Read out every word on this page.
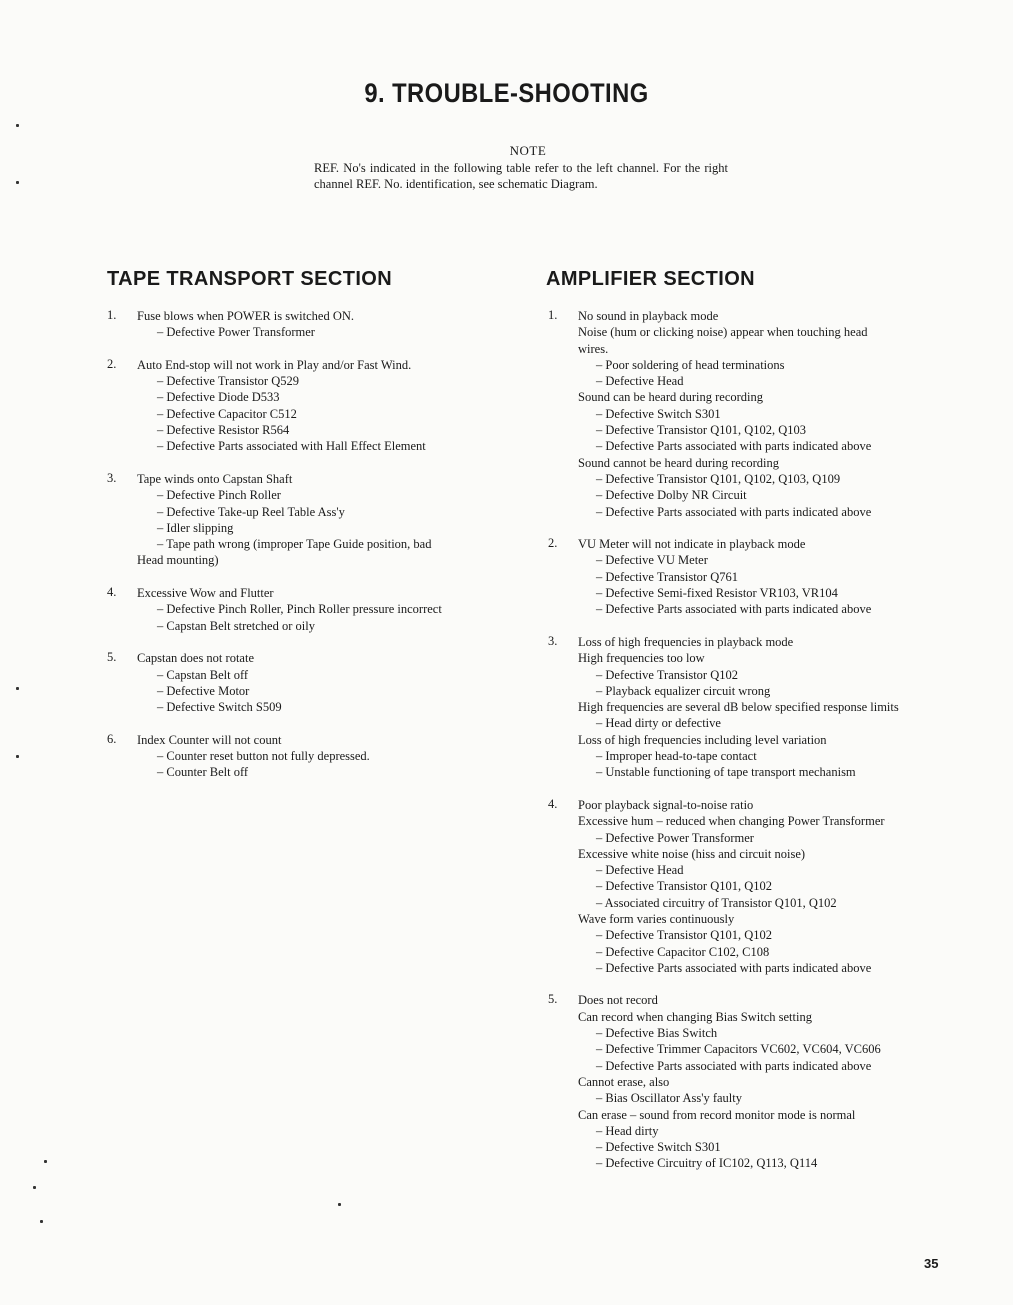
9. TROUBLE-SHOOTING
NOTE
REF. No's indicated in the following table refer to the left channel. For the right channel REF. No. identification, see schematic Diagram.
TAPE TRANSPORT SECTION	AMPLIFIER SECTION
1. Fuse blows when POWER is switched ON.
– Defective Power Transformer
2. Auto End-stop will not work in Play and/or Fast Wind.
– Defective Transistor Q529
– Defective Diode D533
– Defective Capacitor C512
– Defective Resistor R564
– Defective Parts associated with Hall Effect Element
3. Tape winds onto Capstan Shaft
– Defective Pinch Roller
– Defective Take-up Reel Table Ass'y
– Idler slipping
– Tape path wrong (improper Tape Guide position, bad
Head mounting)
4. Excessive Wow and Flutter
– Defective Pinch Roller, Pinch Roller pressure incorrect
– Capstan Belt stretched or oily
5. Capstan does not rotate
– Capstan Belt off
– Defective Motor
– Defective Switch S509
6. Index Counter will not count
– Counter reset button not fully depressed.
– Counter Belt off
1. No sound in playback mode
Noise (hum or clicking noise) appear when touching head
wires.
– Poor soldering of head terminations
– Defective Head
Sound can be heard during recording
– Defective Switch S301
– Defective Transistor Q101, Q102, Q103
– Defective Parts associated with parts indicated above
Sound cannot be heard during recording
– Defective Transistor Q101, Q102, Q103, Q109
– Defective Dolby NR Circuit
– Defective Parts associated with parts indicated above
2. VU Meter will not indicate in playback mode
– Defective VU Meter
– Defective Transistor Q761
– Defective Semi-fixed Resistor VR103, VR104
– Defective Parts associated with parts indicated above
3. Loss of high frequencies in playback mode
High frequencies too low
– Defective Transistor Q102
– Playback equalizer circuit wrong
High frequencies are several dB below specified response limits
– Head dirty or defective
Loss of high frequencies including level variation
– Improper head-to-tape contact
– Unstable functioning of tape transport mechanism
4. Poor playback signal-to-noise ratio
Excessive hum – reduced when changing Power Transformer
– Defective Power Transformer
Excessive white noise (hiss and circuit noise)
– Defective Head
– Defective Transistor Q101, Q102
– Associated circuitry of Transistor Q101, Q102
Wave form varies continuously
– Defective Transistor Q101, Q102
– Defective Capacitor C102, C108
– Defective Parts associated with parts indicated above
5. Does not record
Can record when changing Bias Switch setting
– Defective Bias Switch
– Defective Trimmer Capacitors VC602, VC604, VC606
– Defective Parts associated with parts indicated above
Cannot erase, also
– Bias Oscillator Ass'y faulty
Can erase – sound from record monitor mode is normal
– Head dirty
– Defective Switch S301
– Defective Circuitry of IC102, Q113, Q114
35
